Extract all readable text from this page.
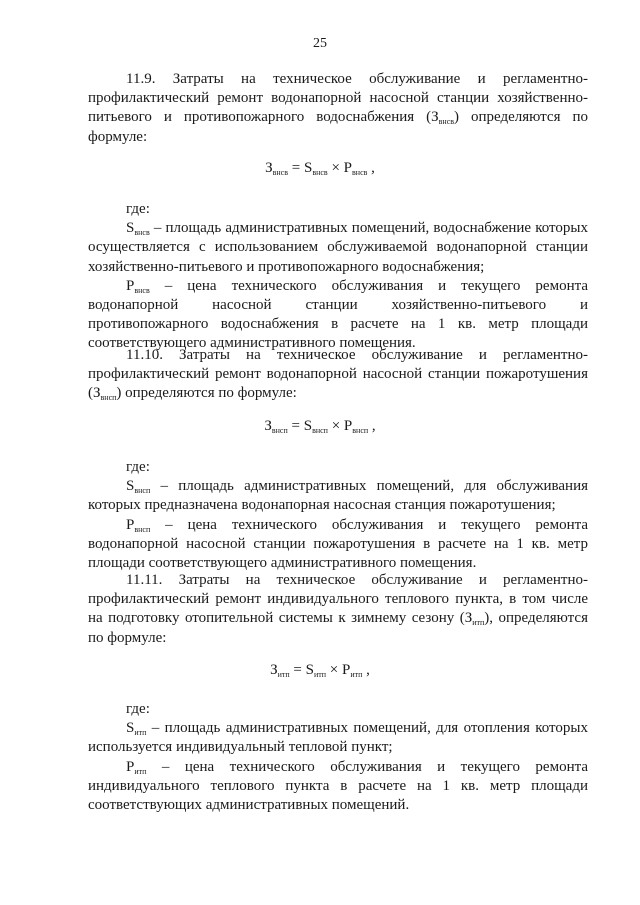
25

11.9. Затраты на техническое обслуживание и регламентно-профилактический ремонт водонапорной насосной станции хозяйственно-питьевого и противопожарного водоснабжения $(З_{внсв})$ определяются по формуле:

$З_{внсв} = S_{внсв} \times P_{внсв}$ ,

где:

$S_{внсв}$ – площадь административных помещений, водоснабжение которых осуществляется с использованием обслуживаемой водонапорной станции хозяйственно-питьевого и противопожарного водоснабжения;

$P_{внсв}$ – цена технического обслуживания и текущего ремонта водонапорной насосной станции хозяйственно-питьевого и противопожарного водоснабжения в расчете на 1 кв. метр площади соответствующего административного помещения.

11.10. Затраты на техническое обслуживание и регламентно-профилактический ремонт водонапорной насосной станции пожаротушения $(З_{внсп})$ определяются по формуле:

$З_{внсп} = S_{внсп} \times P_{внсп}$ ,

где:

$S_{внсп}$ – площадь административных помещений, для обслуживания которых предназначена водонапорная насосная станция пожаротушения;

$P_{внсп}$ – цена технического обслуживания и текущего ремонта водонапорной насосной станции пожаротушения в расчете на 1 кв. метр площади соответствующего административного помещения.

11.11. Затраты на техническое обслуживание и регламентно-профилактический ремонт индивидуального теплового пункта, в том числе на подготовку отопительной системы к зимнему сезону $(З_{итп})$, определяются по формуле:

$З_{итп} = S_{итп} \times P_{итп}$ ,

где:

$S_{итп}$ – площадь административных помещений, для отопления которых используется индивидуальный тепловой пункт;

$P_{итп}$ – цена технического обслуживания и текущего ремонта индивидуального теплового пункта в расчете на 1 кв. метр площади соответствующих административных помещений.
